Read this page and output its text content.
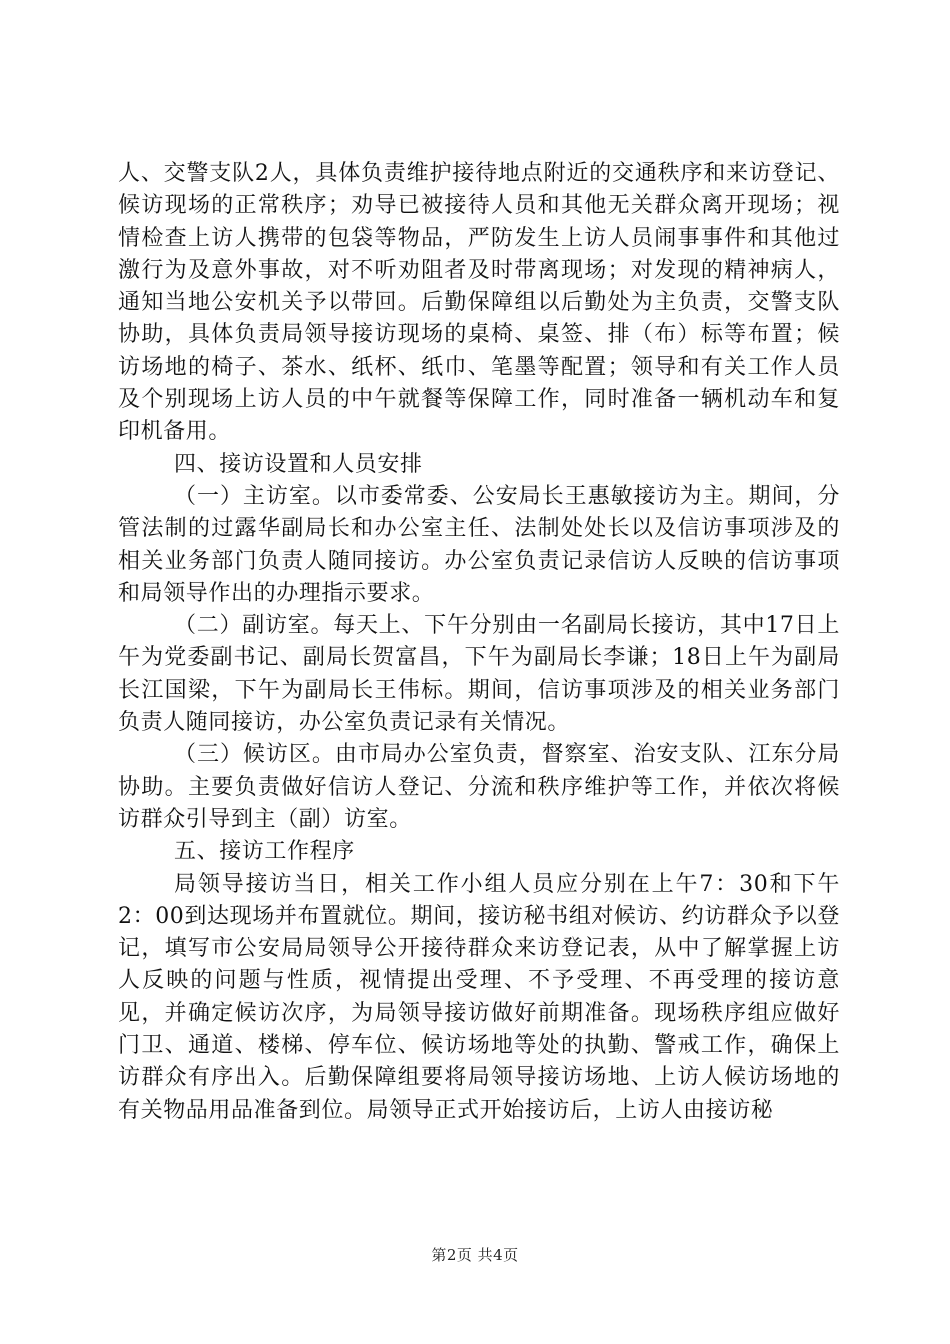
人、交警支队2人，具体负责维护接待地点附近的交通秩序和来访登记、候访现场的正常秩序；劝导已被接待人员和其他无关群众离开现场；视情检查上访人携带的包袋等物品，严防发生上访人员闹事事件和其他过激行为及意外事故，对不听劝阻者及时带离现场；对发现的精神病人，通知当地公安机关予以带回。后勤保障组以后勤处为主负责，交警支队协助，具体负责局领导接访现场的桌椅、桌签、排（布）标等布置；候访场地的椅子、茶水、纸杯、纸巾、笔墨等配置；领导和有关工作人员及个别现场上访人员的中午就餐等保障工作，同时准备一辆机动车和复印机备用。

四、接访设置和人员安排

（一）主访室。以市委常委、公安局长王惠敏接访为主。期间，分管法制的过露华副局长和办公室主任、法制处处长以及信访事项涉及的相关业务部门负责人随同接访。办公室负责记录信访人反映的信访事项和局领导作出的办理指示要求。

（二）副访室。每天上、下午分别由一名副局长接访，其中17日上午为党委副书记、副局长贺富昌，下午为副局长李谦；18日上午为副局长江国梁，下午为副局长王伟标。期间，信访事项涉及的相关业务部门负责人随同接访，办公室负责记录有关情况。

（三）候访区。由市局办公室负责，督察室、治安支队、江东分局协助。主要负责做好信访人登记、分流和秩序维护等工作，并依次将候访群众引导到主（副）访室。

五、接访工作程序

局领导接访当日，相关工作小组人员应分别在上午7：30和下午2：00到达现场并布置就位。期间，接访秘书组对候访、约访群众予以登记，填写市公安局局领导公开接待群众来访登记表，从中了解掌握上访人反映的问题与性质，视情提出受理、不予受理、不再受理的接访意见，并确定候访次序，为局领导接访做好前期准备。现场秩序组应做好门卫、通道、楼梯、停车位、候访场地等处的执勤、警戒工作，确保上访群众有序出入。后勤保障组要将局领导接访场地、上访人候访场地的有关物品用品准备到位。局领导正式开始接访后，上访人由接访秘

第2页 共4页
